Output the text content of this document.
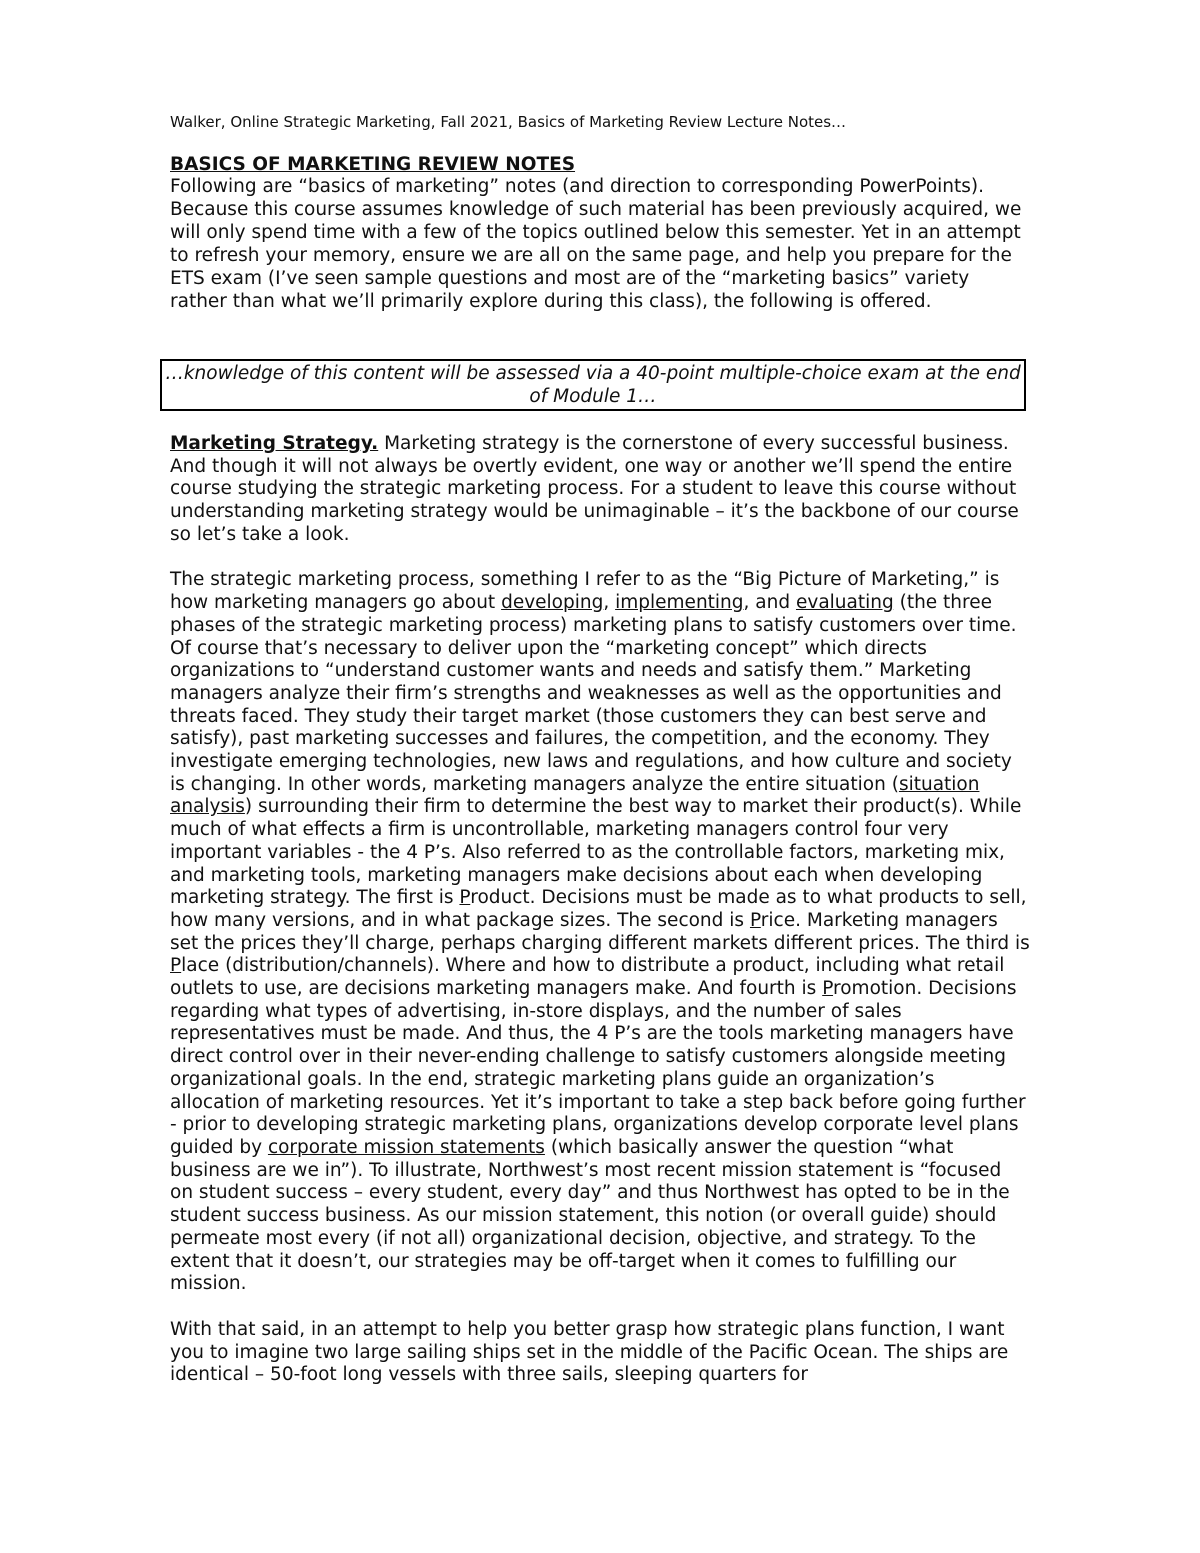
Walker, Online Strategic Marketing, Fall 2021, Basics of Marketing Review Lecture Notes…
BASICS OF MARKETING REVIEW NOTES

Following are “basics of marketing” notes (and direction to corresponding PowerPoints). Because this course assumes knowledge of such material has been previously acquired, we will only spend time with a few of the topics outlined below this semester. Yet in an attempt to refresh your memory, ensure we are all on the same page, and help you prepare for the ETS exam (I’ve seen sample questions and most are of the “marketing basics” variety rather than what we’ll primarily explore during this class), the following is offered.

…knowledge of this content will be assessed via a 40-point multiple-choice exam at the end of Module 1…

Marketing Strategy. Marketing strategy is the cornerstone of every successful business. And though it will not always be overtly evident, one way or another we’ll spend the entire course studying the strategic marketing process. For a student to leave this course without understanding marketing strategy would be unimaginable – it’s the backbone of our course so let’s take a look.

The strategic marketing process, something I refer to as the “Big Picture of Marketing,” is how marketing managers go about developing, implementing, and evaluating (the three phases of the strategic marketing process) marketing plans to satisfy customers over time. Of course that’s necessary to deliver upon the “marketing concept” which directs organizations to “understand customer wants and needs and satisfy them.” Marketing managers analyze their firm’s strengths and weaknesses as well as the opportunities and threats faced. They study their target market (those customers they can best serve and satisfy), past marketing successes and failures, the competition, and the economy. They investigate emerging technologies, new laws and regulations, and how culture and society is changing. In other words, marketing managers analyze the entire situation (situation analysis) surrounding their firm to determine the best way to market their product(s). While much of what effects a firm is uncontrollable, marketing managers control four very important variables - the 4 P’s. Also referred to as the controllable factors, marketing mix, and marketing tools, marketing managers make decisions about each when developing marketing strategy. The first is Product. Decisions must be made as to what products to sell, how many versions, and in what package sizes. The second is Price. Marketing managers set the prices they’ll charge, perhaps charging different markets different prices. The third is Place (distribution/channels). Where and how to distribute a product, including what retail outlets to use, are decisions marketing managers make. And fourth is Promotion. Decisions regarding what types of advertising, in-store displays, and the number of sales representatives must be made. And thus, the 4 P’s are the tools marketing managers have direct control over in their never-ending challenge to satisfy customers alongside meeting organizational goals. In the end, strategic marketing plans guide an organization’s allocation of marketing resources. Yet it’s important to take a step back before going further - prior to developing strategic marketing plans, organizations develop corporate level plans guided by corporate mission statements (which basically answer the question “what business are we in”). To illustrate, Northwest’s most recent mission statement is “focused on student success – every student, every day” and thus Northwest has opted to be in the student success business. As our mission statement, this notion (or overall guide) should permeate most every (if not all) organizational decision, objective, and strategy. To the extent that it doesn’t, our strategies may be off-target when it comes to fulfilling our mission.

With that said, in an attempt to help you better grasp how strategic plans function, I want you to imagine two large sailing ships set in the middle of the Pacific Ocean. The ships are identical – 50-foot long vessels with three sails, sleeping quarters for
